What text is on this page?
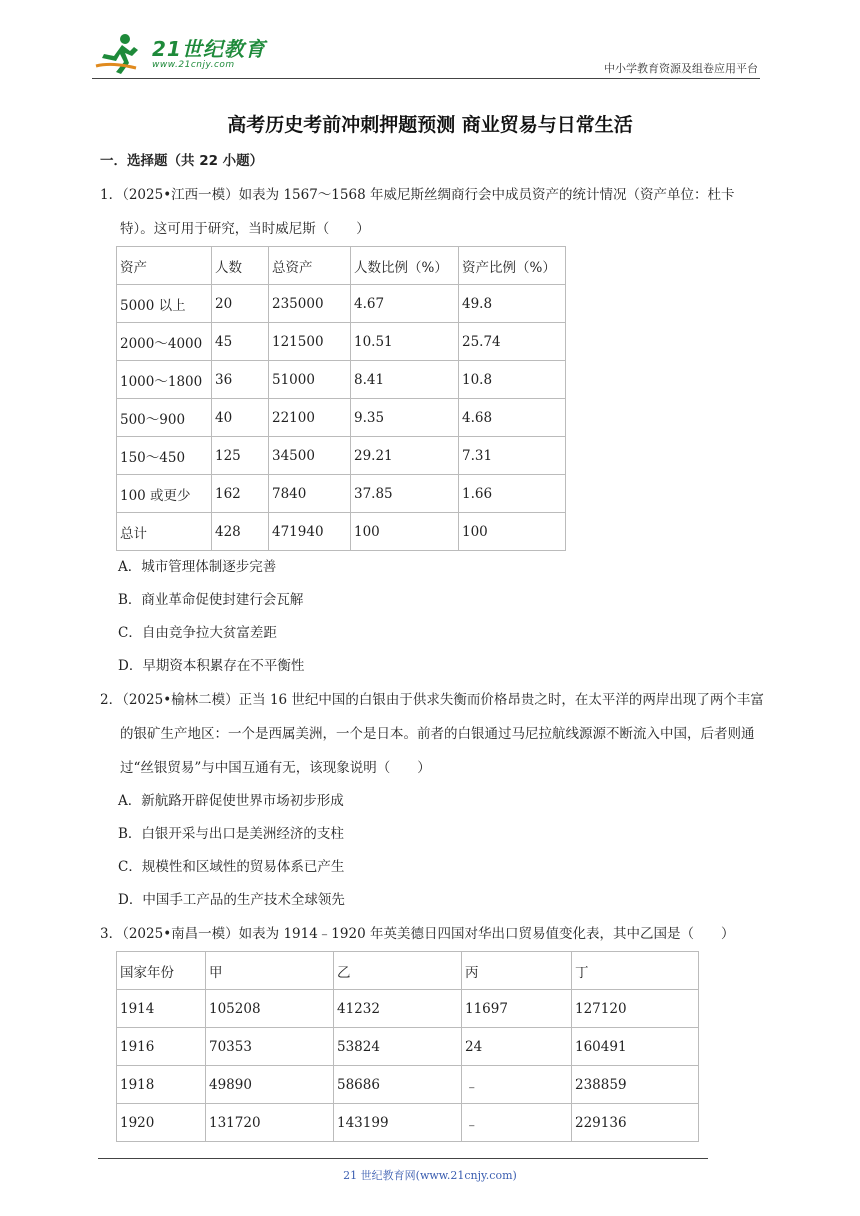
21世纪教育
www.21cnjy.com	中小学教育资源及组卷应用平台
高考历史考前冲刺押题预测 商业贸易与日常生活
一．选择题（共 22 小题）
1．（2025•江西一模）如表为 1567～1568 年威尼斯丝绸商行会中成员资产的统计情况（资产单位：杜卡特）。这可用于研究，当时威尼斯（　　）
资产	人数	总资产	人数比例（%）	资产比例（%）
5000 以上	20	235000	4.67	49.8
2000～4000	45	121500	10.51	25.74
1000～1800	36	51000	8.41	10.8
500～900	40	22100	9.35	4.68
150～450	125	34500	29.21	7.31
100 或更少	162	7840	37.85	1.66
总计	428	471940	100	100
A．城市管理体制逐步完善
B．商业革命促使封建行会瓦解
C．自由竞争拉大贫富差距
D．早期资本积累存在不平衡性
2．（2025•榆林二模）正当 16 世纪中国的白银由于供求失衡而价格昂贵之时，在太平洋的两岸出现了两个丰富的银矿生产地区：一个是西属美洲，一个是日本。前者的白银通过马尼拉航线源源不断流入中国，后者则通过“丝银贸易”与中国互通有无，该现象说明（　　）
A．新航路开辟促使世界市场初步形成
B．白银开采与出口是美洲经济的支柱
C．规模性和区域性的贸易体系已产生
D．中国手工产品的生产技术全球领先
3．（2025•南昌一模）如表为 1914﹣1920 年英美德日四国对华出口贸易值变化表，其中乙国是（　　）
国家年份	甲	乙	丙	丁
1914	105208	41232	11697	127120
1916	70353	53824	24	160491
1918	49890	58686	﹣	238859
1920	131720	143199	﹣	229136
21 世纪教育网(www.21cnjy.com)
